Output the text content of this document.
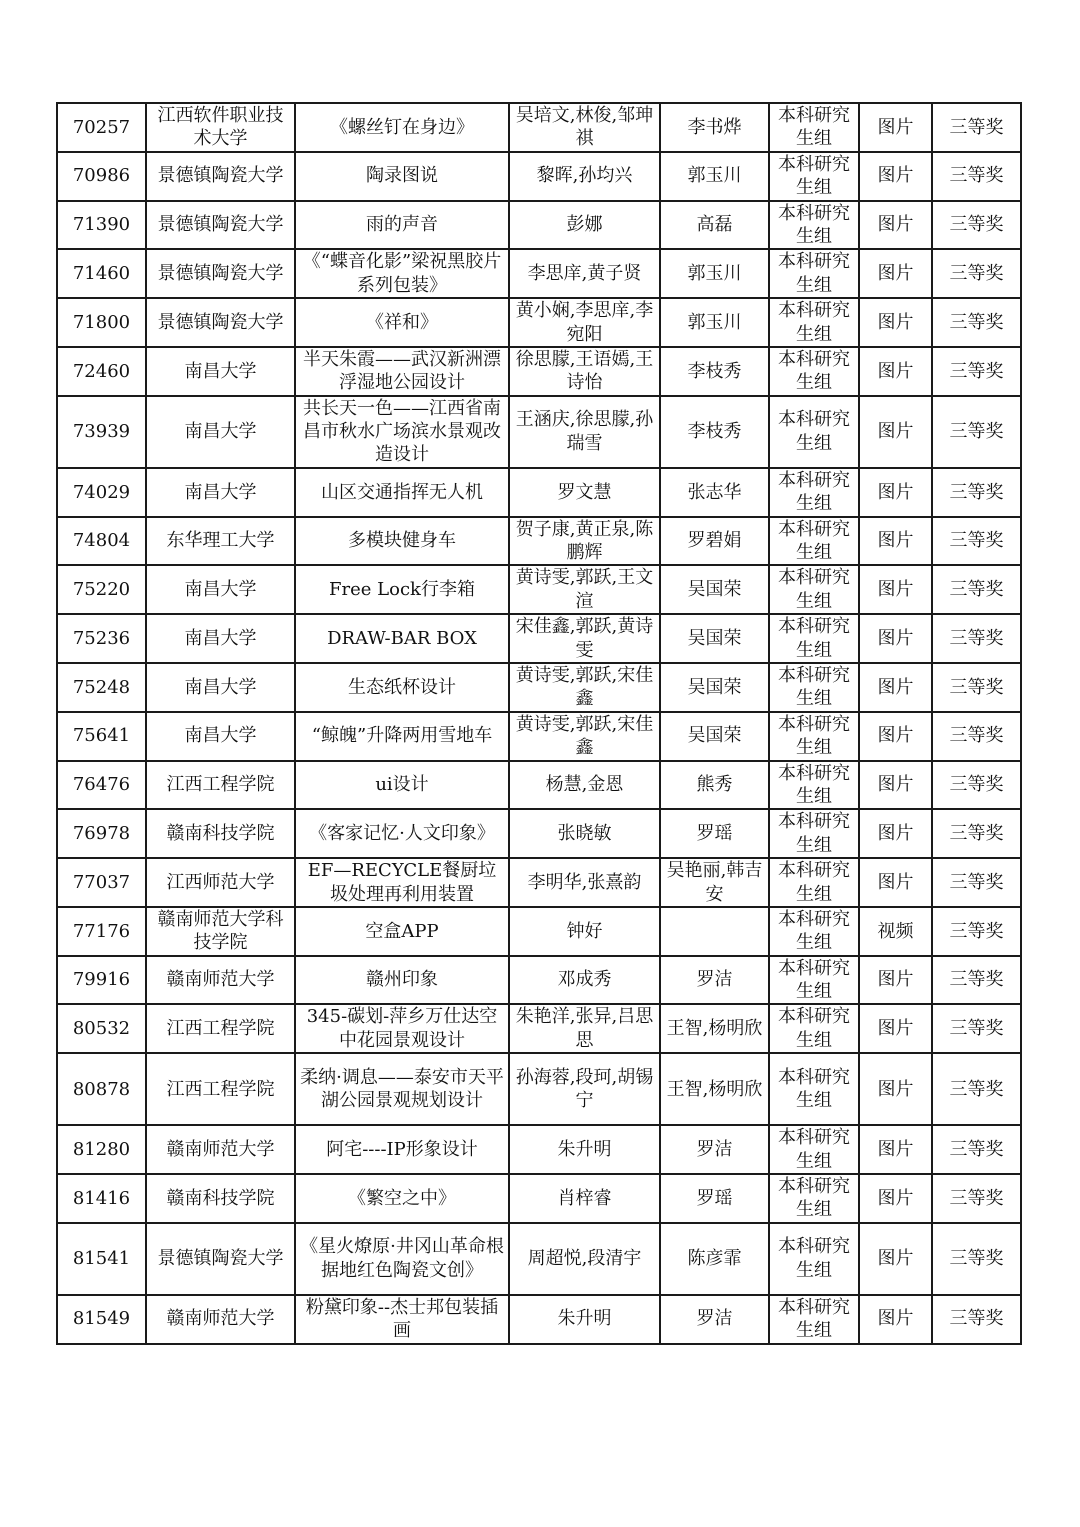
70257	江西软件职业技术大学	《螺丝钉在身边》	吴培文,林俊,邹珅祺	李书烨	本科研究生组	图片	三等奖
70986	景德镇陶瓷大学	陶录图说	黎晖,孙均兴	郭玉川	本科研究生组	图片	三等奖
71390	景德镇陶瓷大学	雨的声音	彭娜	高磊	本科研究生组	图片	三等奖
71460	景德镇陶瓷大学	《“蝶音化影”梁祝黑胶片系列包装》	李思庠,黄子贤	郭玉川	本科研究生组	图片	三等奖
71800	景德镇陶瓷大学	《祥和》	黄小娴,李思庠,李宛阳	郭玉川	本科研究生组	图片	三等奖
72460	南昌大学	半天朱霞——武汉新洲漂浮湿地公园设计	徐思朦,王语嫣,王诗怡	李枝秀	本科研究生组	图片	三等奖
73939	南昌大学	共长天一色——江西省南昌市秋水广场滨水景观改造设计	王涵庆,徐思朦,孙瑞雪	李枝秀	本科研究生组	图片	三等奖
74029	南昌大学	山区交通指挥无人机	罗文慧	张志华	本科研究生组	图片	三等奖
74804	东华理工大学	多模块健身车	贺子康,黄正泉,陈鹏辉	罗碧娟	本科研究生组	图片	三等奖
75220	南昌大学	Free Lock行李箱	黄诗雯,郭跃,王文渲	吴国荣	本科研究生组	图片	三等奖
75236	南昌大学	DRAW-BAR BOX	宋佳鑫,郭跃,黄诗雯	吴国荣	本科研究生组	图片	三等奖
75248	南昌大学	生态纸杯设计	黄诗雯,郭跃,宋佳鑫	吴国荣	本科研究生组	图片	三等奖
75641	南昌大学	“鲸魄”升降两用雪地车	黄诗雯,郭跃,宋佳鑫	吴国荣	本科研究生组	图片	三等奖
76476	江西工程学院	ui设计	杨慧,金恩	熊秀	本科研究生组	图片	三等奖
76978	赣南科技学院	《客家记忆·人文印象》	张晓敏	罗瑶	本科研究生组	图片	三等奖
77037	江西师范大学	EF—RECYCLE餐厨垃圾处理再利用装置	李明华,张熹韵	吴艳丽,韩吉安	本科研究生组	图片	三等奖
77176	赣南师范大学科技学院	空盒APP	钟好		本科研究生组	视频	三等奖
79916	赣南师范大学	赣州印象	邓成秀	罗洁	本科研究生组	图片	三等奖
80532	江西工程学院	345-碳划-萍乡万仕达空中花园景观设计	朱艳洋,张异,吕思思	王智,杨明欣	本科研究生组	图片	三等奖
80878	江西工程学院	柔纳·调息——泰安市天平湖公园景观规划设计	孙海蓉,段珂,胡锡宁	王智,杨明欣	本科研究生组	图片	三等奖
81280	赣南师范大学	阿宅----IP形象设计	朱升明	罗洁	本科研究生组	图片	三等奖
81416	赣南科技学院	《繁空之中》	肖梓睿	罗瑶	本科研究生组	图片	三等奖
81541	景德镇陶瓷大学	《星火燎原·井冈山革命根据地红色陶瓷文创》	周超悦,段清宇	陈彦霏	本科研究生组	图片	三等奖
81549	赣南师范大学	粉黛印象--杰士邦包装插画	朱升明	罗洁	本科研究生组	图片	三等奖
